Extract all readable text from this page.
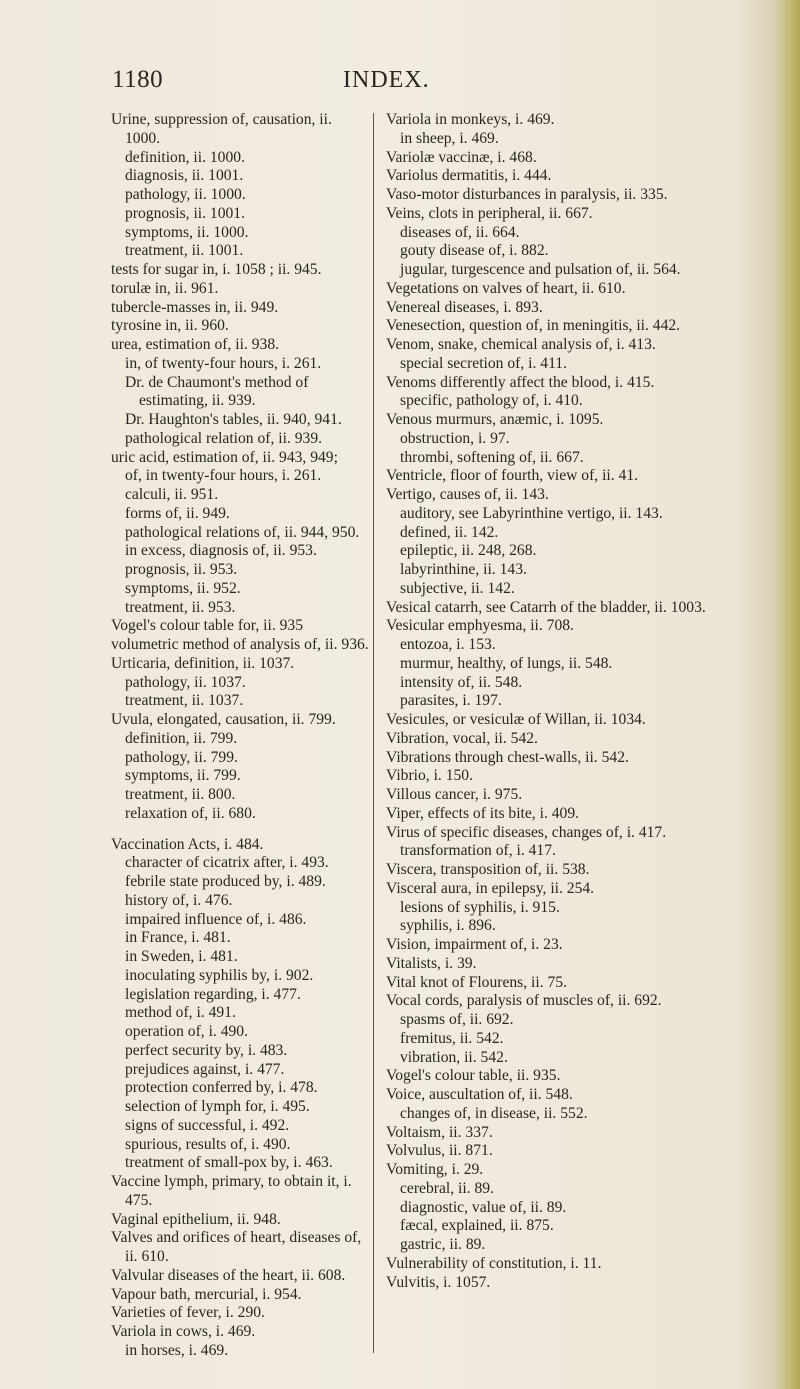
1180	INDEX.
Urine, suppression of, causation, ii. 1000.
definition, ii. 1000.
diagnosis, ii. 1001.
pathology, ii. 1000.
prognosis, ii. 1001.
symptoms, ii. 1000.
treatment, ii. 1001.
tests for sugar in, i. 1058 ; ii. 945.
torulæ in, ii. 961.
tubercle-masses in, ii. 949.
tyrosine in, ii. 960.
urea, estimation of, ii. 938.
in, of twenty-four hours, i. 261.
Dr. de Chaumont's method of estimating, ii. 939.
Dr. Haughton's tables, ii. 940, 941.
pathological relation of, ii. 939.
uric acid, estimation of, ii. 943, 949;
of, in twenty-four hours, i. 261.
calculi, ii. 951.
forms of, ii. 949.
pathological relations of, ii. 944, 950.
in excess, diagnosis of, ii. 953.
prognosis, ii. 953.
symptoms, ii. 952.
treatment, ii. 953.
Vogel's colour table for, ii. 935
volumetric method of analysis of, ii. 936.
Urticaria, definition, ii. 1037.
pathology, ii. 1037.
treatment, ii. 1037.
Uvula, elongated, causation, ii. 799.
definition, ii. 799.
pathology, ii. 799.
symptoms, ii. 799.
treatment, ii. 800.
relaxation of, ii. 680.
Vaccination Acts, i. 484.
character of cicatrix after, i. 493.
febrile state produced by, i. 489.
history of, i. 476.
impaired influence of, i. 486.
in France, i. 481.
in Sweden, i. 481.
inoculating syphilis by, i. 902.
legislation regarding, i. 477.
method of, i. 491.
operation of, i. 490.
perfect security by, i. 483.
prejudices against, i. 477.
protection conferred by, i. 478.
selection of lymph for, i. 495.
signs of successful, i. 492.
spurious, results of, i. 490.
treatment of small-pox by, i. 463.
Vaccine lymph, primary, to obtain it, i. 475.
Vaginal epithelium, ii. 948.
Valves and orifices of heart, diseases of, ii. 610.
Valvular diseases of the heart, ii. 608.
Vapour bath, mercurial, i. 954.
Varieties of fever, i. 290.
Variola in cows, i. 469.
in horses, i. 469.
Variola in monkeys, i. 469.
in sheep, i. 469.
Variolæ vaccinæ, i. 468.
Variolus dermatitis, i. 444.
Vaso-motor disturbances in paralysis, ii. 335.
Veins, clots in peripheral, ii. 667.
diseases of, ii. 664.
gouty disease of, i. 882.
jugular, turgescence and pulsation of, ii. 564.
Vegetations on valves of heart, ii. 610.
Venereal diseases, i. 893.
Venesection, question of, in meningitis, ii. 442.
Venom, snake, chemical analysis of, i. 413.
special secretion of, i. 411.
Venoms differently affect the blood, i. 415.
specific, pathology of, i. 410.
Venous murmurs, anæmic, i. 1095.
obstruction, i. 97.
thrombi, softening of, ii. 667.
Ventricle, floor of fourth, view of, ii. 41.
Vertigo, causes of, ii. 143.
auditory, see Labyrinthine vertigo, ii. 143.
defined, ii. 142.
epileptic, ii. 248, 268.
labyrinthine, ii. 143.
subjective, ii. 142.
Vesical catarrh, see Catarrh of the bladder, ii. 1003.
Vesicular emphyesma, ii. 708.
entozoa, i. 153.
murmur, healthy, of lungs, ii. 548.
intensity of, ii. 548.
parasites, i. 197.
Vesicules, or vesiculæ of Willan, ii. 1034.
Vibration, vocal, ii. 542.
Vibrations through chest-walls, ii. 542.
Vibrio, i. 150.
Villous cancer, i. 975.
Viper, effects of its bite, i. 409.
Virus of specific diseases, changes of, i. 417.
transformation of, i. 417.
Viscera, transposition of, ii. 538.
Visceral aura, in epilepsy, ii. 254.
lesions of syphilis, i. 915.
syphilis, i. 896.
Vision, impairment of, i. 23.
Vitalists, i. 39.
Vital knot of Flourens, ii. 75.
Vocal cords, paralysis of muscles of, ii. 692.
spasms of, ii. 692.
fremitus, ii. 542.
vibration, ii. 542.
Vogel's colour table, ii. 935.
Voice, auscultation of, ii. 548.
changes of, in disease, ii. 552.
Voltaism, ii. 337.
Volvulus, ii. 871.
Vomiting, i. 29.
cerebral, ii. 89.
diagnostic, value of, ii. 89.
fæcal, explained, ii. 875.
gastric, ii. 89.
Vulnerability of constitution, i. 11.
Vulvitis, i. 1057.
